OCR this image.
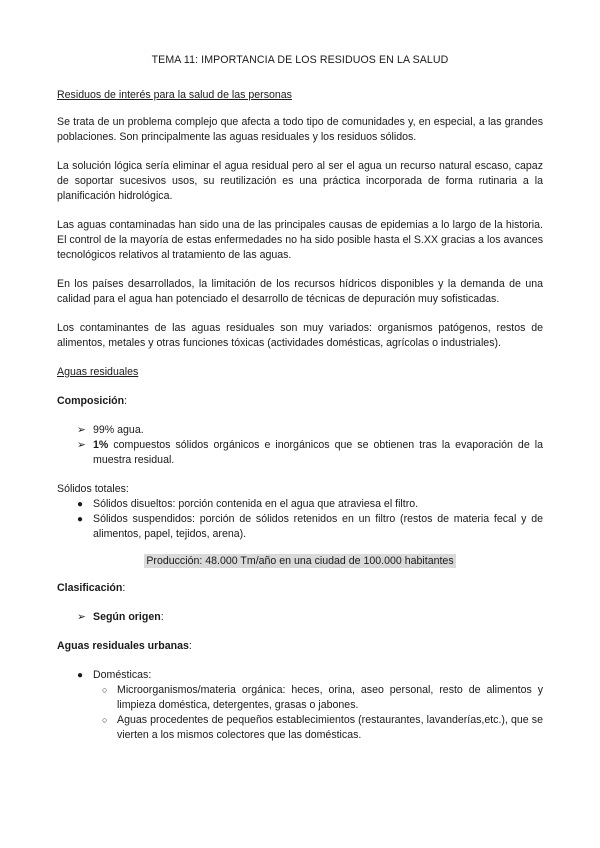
TEMA 11: IMPORTANCIA DE LOS RESIDUOS EN LA SALUD

Residuos de interés para la salud de las personas

Se trata de un problema complejo que afecta a todo tipo de comunidades y, en especial, a las grandes poblaciones. Son principalmente las aguas residuales y los residuos sólidos.

La solución lógica sería eliminar el agua residual pero al ser el agua un recurso natural escaso, capaz de soportar sucesivos usos, su reutilización es una práctica incorporada de forma rutinaria a la planificación hidrológica.

Las aguas contaminadas han sido una de las principales causas de epidemias a lo largo de la historia. El control de la mayoría de estas enfermedades no ha sido posible hasta el S.XX gracias a los avances tecnológicos relativos al tratamiento de las aguas.

En los países desarrollados, la limitación de los recursos hídricos disponibles y la demanda de una calidad para el agua han potenciado el desarrollo de técnicas de depuración muy sofisticadas.

Los contaminantes de las aguas residuales son muy variados: organismos patógenos, restos de alimentos, metales y otras funciones tóxicas (actividades domésticas, agrícolas o industriales).

Aguas residuales

Composición:

➢ 99% agua.
➢ 1% compuestos sólidos orgánicos e inorgánicos que se obtienen tras la evaporación de la muestra residual.

Sólidos totales:

● Sólidos disueltos: porción contenida en el agua que atraviesa el filtro.
● Sólidos suspendidos: porción de sólidos retenidos en un filtro (restos de materia fecal y de alimentos, papel, tejidos, arena).
Producción: 48.000 Tm/año en una ciudad de 100.000 habitantes

Clasificación:

➢ Según origen:

Aguas residuales urbanas:

● Domésticas:
○ Microorganismos/materia orgánica: heces, orina, aseo personal, resto de alimentos y limpieza doméstica, detergentes, grasas o jabones.
○ Aguas procedentes de pequeños establecimientos (restaurantes, lavanderías,etc.), que se vierten a los mismos colectores que las domésticas.
